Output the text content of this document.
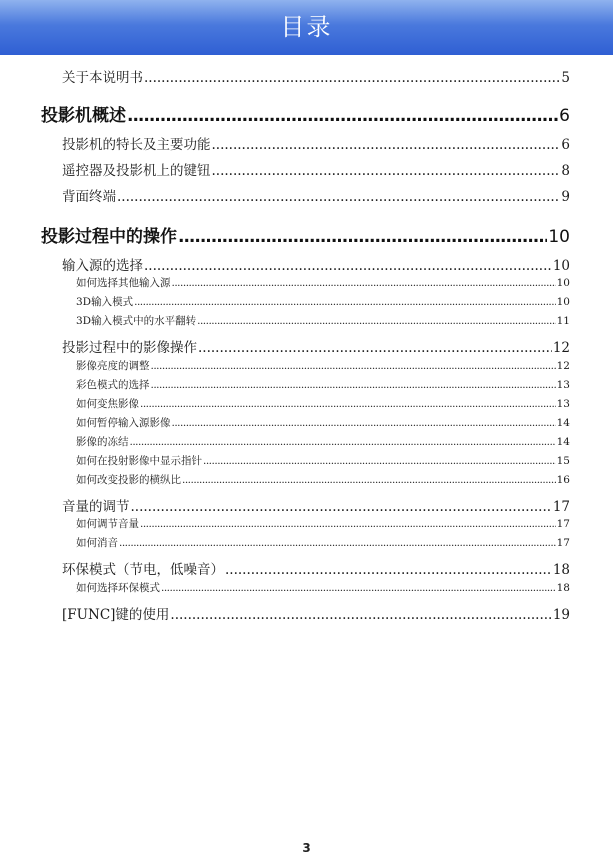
目录
关于本说明书 .....	5
投影机概述 .....	6
投影机的特长及主要功能 .....	6
遥控器及投影机上的键钮 .....	8
背面终端 .....	9
投影过程中的操作 .....	10
输入源的选择 .....	10
如何选择其他输入源 .....	10
3D输入模式 .....	10
3D输入模式中的水平翻转 .....	11
投影过程中的影像操作 .....	12
影像亮度的调整 .....	12
彩色模式的选择 .....	13
如何变焦影像 .....	13
如何暂停输入源影像 .....	14
影像的冻结 .....	14
如何在投射影像中显示指针 .....	15
如何改变投影的横纵比 .....	16
音量的调节 .....	17
如何调节音量 .....	17
如何消音 .....	17
环保模式（节电，低噪音） .....	18
如何选择环保模式 .....	18
[FUNC]键的使用 .....	19
3
